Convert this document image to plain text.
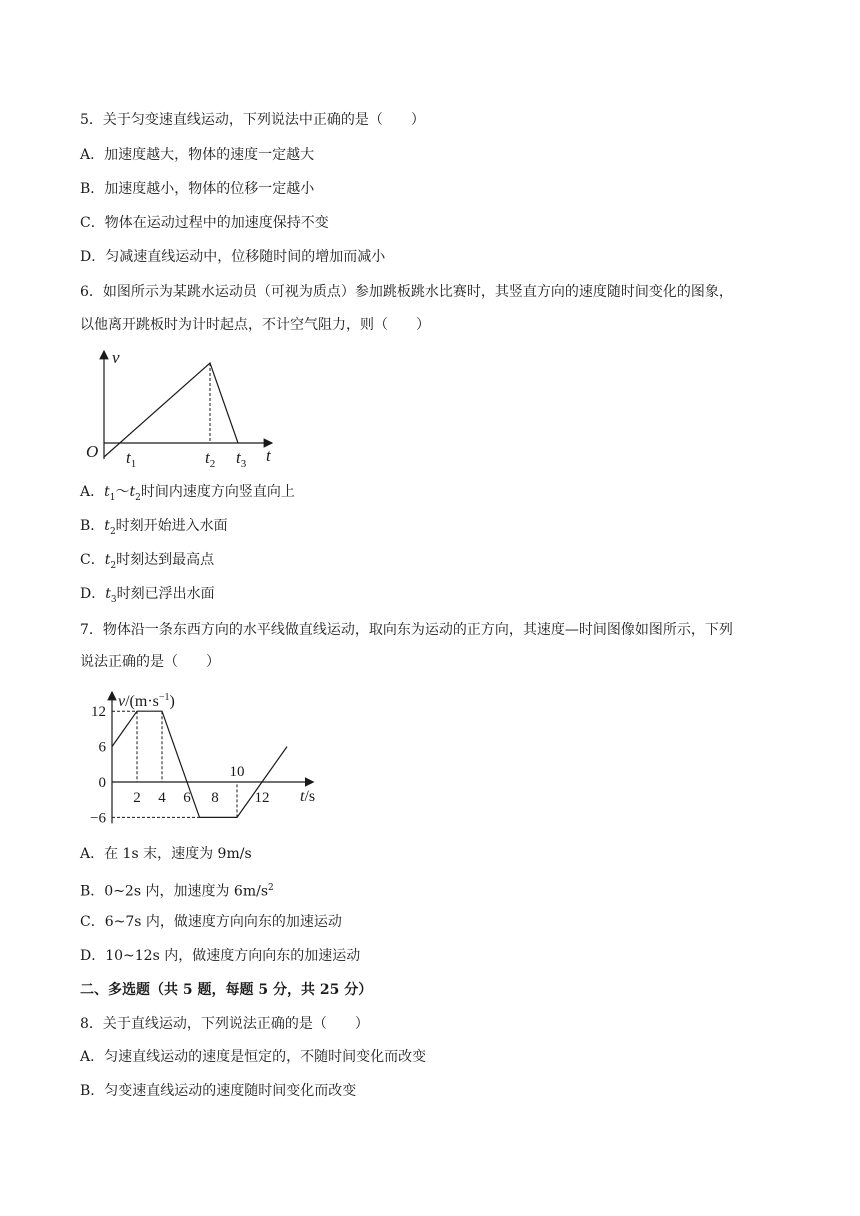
5．关于匀变速直线运动，下列说法中正确的是（　　）
A．加速度越大，物体的速度一定越大
B．加速度越小，物体的位移一定越小
C．物体在运动过程中的加速度保持不变
D．匀减速直线运动中，位移随时间的增加而减小
6．如图所示为某跳水运动员（可视为质点）参加跳板跳水比赛时，其竖直方向的速度随时间变化的图象，
以他离开跳板时为计时起点，不计空气阻力，则（　　）
v
O	t
$t_1$	$t_2$ $t_3$
A．$t_1\sim t_2$时间内速度方向竖直向上
B．$t_2$时刻开始进入水面
C．$t_2$时刻达到最高点
D．$t_3$时刻已浮出水面
7．物体沿一条东西方向的水平线做直线运动，取向东为运动的正方向，其速度—时间图像如图所示，下列
说法正确的是（　　）
$v/(m\cdot s^{-1})$
t/s
12
6
0
−6
2 4 6 8
10
12
A．在 1s 末，速度为 9m/s
B．0~2s 内，加速度为 $6m/s^2$
C．6~7s 内，做速度方向向东的加速运动
D．10~12s 内，做速度方向向东的加速运动
二、多选题（共 5 题，每题 5 分，共 25 分）
8．关于直线运动，下列说法正确的是（　　）
A．匀速直线运动的速度是恒定的，不随时间变化而改变
B．匀变速直线运动的速度随时间变化而改变
